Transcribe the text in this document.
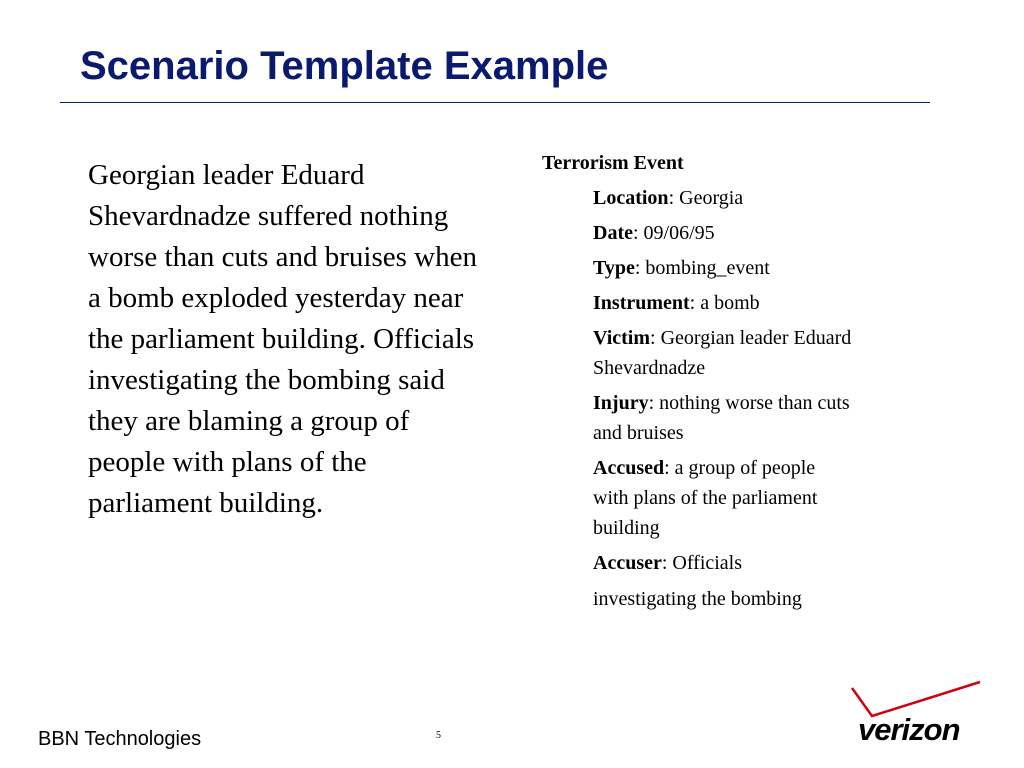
Scenario Template Example
Georgian leader Eduard Shevardnadze suffered nothing worse than cuts and bruises when a bomb exploded yesterday near the parliament building. Officials investigating the bombing said they are blaming a group of people with plans of the parliament building.
Terrorism Event
Location: Georgia
Date: 09/06/95
Type: bombing_event
Instrument: a bomb
Victim: Georgian leader Eduard Shevardnadze
Injury: nothing worse than cuts and bruises
Accused: a group of people with plans of the parliament building
Accuser: Officials
investigating the bombing
BBN Technologies	5	verizon
